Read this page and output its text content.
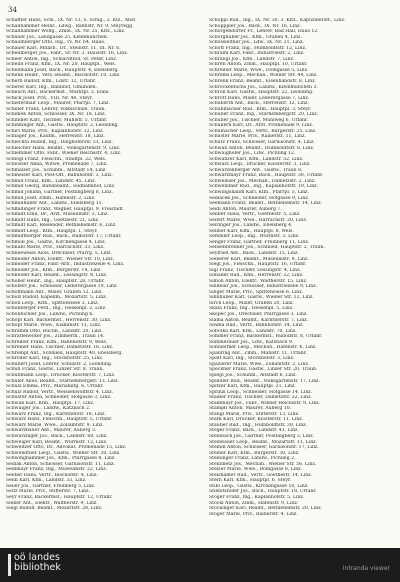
34
Schaffler Hans, Schl., IX. Nr. 13, S. Schlg., 2. Ktz., Anst.
Schallhammer Heinr., Ldwg., Bahnstr. Nr. 9, Steyregg.
Schallhammer Wolfg., Zmm., IX. Nr. 25, Kltz., Linz.
Schauer Jos., Landgasse 25, Kleinmünchen.
Schaumberger Otto, Ing., IV. Nr. 64, Haus.
Schauer Karl, Mitarb., Dr., Steinstr. 11, III. Nr. 6.
Schedlberger Jos., Fabr., Sr.-Nr. 3, Haussfr. 16, Linz.
Scheer Anton, Ing., Schlachthof, St. Peter, Linz.
Scheibl Franz, Kfm., IX. Nr. 20, Hauptpl., Wels.
Schellmann Josef, Bäck., Hauptstr. 4, Ebelsberg.
Schenk Heinr., Vers.-Beamt., Bischofstr. 10, Linz.
Scherb Rudolf, Kfm., Ldstr. 12, Urfahr.
Scherer Karl, Ing., Bahnhof, Gmunden.
Scheuch Ant., Bäckermst., Marktpl. 3, Enns.
Schick Josef, Priv., VIII. Nr. 40, Steyr.
Schiefermair Leop., Maurer, Pfarrpl. 7, Linz.
Schiller Franz, Lehrer, Volksschule, Traun.
Schimek Anton, Schlosser, IX. Nr. 18, Linz.
Schindler Karl, Tischler, Mühlstr. 5, Urfahr.
Schinkinger Ant., Gastw., Hauptstr. 2, Leonding.
Schirl Marie, Priv., Kaplanhofstr. 12, Linz.
Schlager Jos., Kaufm., Herrenstr. 18, Linz.
Schlechta Rudolf, Ing., Dinghoferstr. 31, Linz.
Schleicher Hans, Beamt., Volksgartenstr. 9, Linz.
Schlemmer Otto, Fabr., Wiener Reichsstr. 4, Linz.
Schlögl Franz, Fleischh., Stadtpl. 22, Wels.
Schlosser Anna, Witwe, Promenade 7, Linz.
Schmalzer Jos., Schuhm., Altstadt 14, Linz.
Schmeiser Karl, Post-Off., Bahnhofstr. 3, Linz.
Schmid Franz, Kfm., Landstr. 45, Linz.
Schmid Georg, Bahnbeamt., Südbahnhof, Linz.
Schmid Johann, Gärtner, Pöstlingberg 8, Linz.
Schmid Josef, Zmm., Hafenstr. 2, Linz.
Schmidhuber Ant., Landw., Ebelsberg 11.
Schmidinger Franz, Wagner, Hauptpl. 9, Freistadt.
Schmidt Emil, Dr., Arzt, Museumstr. 3, Linz.
Schmidt Hans, Ing., Goethestr. 21, Linz.
Schmidt Karl, Reisender, Bethlehemstr. 6, Linz.
Schmidt Leop., Kfm., Hauptpl. 1, Steyr.
Schmidtberger Rud., Bäck., Rudolfstr. 17, Urfahr.
Schmoll Jos., Gastw., Kirchengasse 4, Linz.
Schnabl Marie, Priv., Harrachstr. 33, Linz.
Schneeweiss Alois, Drechsler, Pfarrg. 5, Linz.
Schneider Anton, Elektr., Wiener Str. 10, Linz.
Schneider Franz, Fabr.-Arb., Industriezeile 4, Linz.
Schneider Jos., Kfm., Bürgerstr. 14, Linz.
Schneider Karl, Beamt., Lessingstr. 8, Linz.
Schober Heinr., Ing., Hauptstr. 28, Urfahr.
Schöberl Jos., Schlosser, Lederergasse 19, Linz.
Schöffmann Ant., Maler, Graben 12, Linz.
Scholz Rudolf, Kapellm., Mozartstr. 5, Linz.
Schön Leop., Kfm., Spittelwiese 3, Linz.
Schönberger Ferd., Ing., Hessenpl. 2, Linz.
Schönbichler Jos., Landw., Pichling 6.
Schopf Karl, Bäckermst., Herrenstr. 30, Linz.
Schöpf Marie, Wwe., Klammstr. 11, Linz.
Schramm Otto, Buchh., Landstr. 20, Linz.
Schrattenecker Jos., Zimmerm., Traun 14.
Schreiber Franz, Kfm., Bahnhofstr. 9, Wels.
Schreiner Hans, Tischler, Dametzstr. 16, Linz.
Schrempf Ant., Schmied, Hauptstr. 40, Ebelsberg.
Schröder Karl, Ing., Stockhofstr. 25, Linz.
Schubert Josef, Lehrer, Schulstr. 2, Leonding.
Schuh Franz, Gastw., Linzer Str. 8, Traun.
Schuhmann Leop., Drucker, Klosterstr. 7, Linz.
Schuler Alois, Beamt., Starhembergstr. 13, Linz.
Schulz Emma, Priv., Mariahilfg. 6, Urfahr.
Schulz Rudolf, Vertr., Weissenwolffstr. 4, Linz.
Schuster Anton, Schneider, Hofgasse 3, Linz.
Schwab Karl, Kfm., Hauptpl. 17, Linz.
Schwaiger Jos., Landw., Katzbach 2.
Schwarz Franz, Ing., Kärntnerstr. 18, Linz.
Schwarz Hans, Fleischh., Hauptstr. 5, Urfahr.
Schwarz Marie, Wwe., Zollamtstr. 9, Linz.
Schwarzbauer Ant., Maurer, Auberg 3.
Schwarzinger Jos., Bäck., Landstr. 60, Linz.
Schweiger Karl, Beamt., Wurmstr. 12, Linz.
Schweitzer Otto, Dr., Advokat, Promenade 15, Linz.
Schwendtner Leop., Gastw., Wiener Str. 30, Linz.
Schwinghammer Jos., Kfm., Pfarrgasse 8, Linz.
Sedlak Anton, Schlosser, Garnisonstr. 11, Linz.
Sedlmayr Franz, Ing., Museumstr. 22, Linz.
Seeber Hans, Vertr., Bischofstr. 4, Linz.
Seidl Karl, Kfm., Landstr. 33, Linz.
Seiler Jos., Gärtner, Freinberg 5, Linz.
Seitz Marie, Priv., Stifterstr. 7, Linz.
Seyr Franz, Bäckermst., Hauptstr. 12, Urfahr.
Sieber Ant., Elektr., Waltherstr. 9, Linz.
Siegl Rudolf, Beamt., Mozartstr. 28, Linz.
Schöppl Rud., Ing., IX. Nr. 30, 3. Kltz., Kapuzinerstr., Linz.
Schöpppler Jos., Bäck., IX. Nr. 16, Linz.
Schörgendorfer Fr., Lehrer, Bad Hall, Haus 12.
Schörghuber Jos., Kfm., Graben 4, Linz.
Schossleitner Jos., Ldw., IX. Nr. 21, Linz.
Schott Franz, Ing., Humboldtstr. 12, Linz.
Schraml Karl, Fabr., Industriestr. 2, Linz.
Schrangl Jos., Kfm., Landstr. 7, Linz.
Schrefl Anton, Zmm., Hauptpl. 10, Urfahr.
Schreiner Marie, Wwe., Domgasse 5, Linz.
Schrems Leop., Mechan., Wiener Str. 44, Linz.
Schrenk Franz, Beamt., Eisenhandstr. 8, Linz.
Schröckenfuchs Jos., Landw., Kleinmünchen 3.
Schroll Karl, Gastw., Hauptstr. 22, Leonding.
Schrott Hans, Maler, Lederergasse 7, Linz.
Schuberth Ant., Bäck., Herrenstr. 12, Linz.
Schuhmacher Rud., Kfm., Hauptpl. 3, Steyr.
Schuller Franz, Ing., Starhembergstr. 20, Linz.
Schuller Jos., Tischler, Mühlweg 6, Urfahr.
Schullern Karl, Dr., Arzt, Promenade 9, Linz.
Schumacher Leop., Vertr., Bürgerstr. 25, Linz.
Schuster Marie, Priv., Rainerstr. 11, Linz.
Schütz Franz, Schlosser, Garnisonstr. 4, Linz.
Schwab Anton, Beamt., Humboldtstr. 6, Linz.
Schwaighofer Jos., Ldw., Pichling 12.
Schwanzer Karl, Kfm., Landstr. 52, Linz.
Schwarz Leop., Drucker, Klosterstr. 3, Linz.
Schwarzenberger Ant., Gastw., Traun 8.
Schwarzmayr Franz, Bäck., Hauptstr. 30, Urfahr.
Schweinzer Jos., Mechan., Dametzstr. 2, Linz.
Schwendner Rud., Ing., Kaplanhofstr. 19, Linz.
Schwingshandl Karl, Kfm., Pfarrpl. 5, Linz.
Sedlacek Jos., Schneider, Hofgasse 9, Linz.
Seemann Franz, Beamt., Bethlehemstr. 14, Linz.
Seidl Anton, Maurer, Auberg 7.
Seidler Hans, Vertr., Goethestr. 5, Linz.
Seifert Marie, Wwe., Harrachstr. 20, Linz.
Seiringer Jos., Landw., Ebelsberg 4.
Sellner Karl, Kfm., Hauptpl. 8, Wels.
Semmler Leop., Ing., Wurmstr. 3, Linz.
Senger Franz, Gärtner, Freinberg 11, Linz.
Sensenbrenner Jos., Schmied, Hauptstr. 2, Traun.
Seyfried Ant., Bäck., Landstr. 15, Linz.
Sieberer Karl, Beamt., Museumstr. 9, Linz.
Siegl Jos., Fleischh., Hauptstr. 16, Urfahr.
Sigl Franz, Tischler, Lessingstr. 4, Linz.
Simader Rud., Kfm., Herrenstr. 22, Linz.
Simon Anton, Elektr., Waltherstr. 15, Linz.
Sindelar Jos., Schlosser, Industriezeile 9, Linz.
Singer Marie, Priv., Spittelwiese 6, Linz.
Sinnhuber Karl, Gastw., Wiener Str. 12, Linz.
Sirch Leop., Maler, Graben 20, Linz.
Skala Franz, Ing., Hessenpl. 5, Linz.
Skopec Jos., Drechsler, Pfarrgasse 3, Linz.
Slama Anton, Beamt., Kärntnerstr. 7, Linz.
Sliwka Rud., Vertr., Bahnhofstr. 14, Linz.
Sobotka Karl, Kfm., Landstr. 70, Linz.
Sommer Franz, Bäckermst., Rudolfstr. 8, Urfahr.
Sommerauer Jos., Ldw., Katzbach 9.
Sonnleitner Leop., Mechan., Hafenstr. 6, Linz.
Spanring Ant., Zmm., Mühlstr. 11, Urfahr.
Spatt Karl, Ing., Stockhofstr. 3, Linz.
Spazierer Marie, Wwe., Zollamtstr. 2, Linz.
Speckner Franz, Gastw., Linzer Str. 20, Traun.
Spiegl Jos., Schuhm., Altstadt 6, Linz.
Spindler Rud., Beamt., Volksgartenstr. 17, Linz.
Spitzer Karl, Kfm., Hauptpl. 21, Linz.
Sprinzl Leop., Schneider, Hofgasse 14, Linz.
Stadler Franz, Tischler, Dametzstr. 22, Linz.
Stadlmayr Jos., Fabr., Wiener Reichsstr. 9, Linz.
Stampfl Anton, Maurer, Auberg 10.
Stangl Marie, Priv., Stifterstr. 13, Linz.
Stark Karl, Drucker, Klosterstr. 11, Linz.
Stauber Rud., Ing., Humboldtstr. 30, Linz.
Steger Franz, Bäck., Landstr. 41, Linz.
Steinbach Jos., Gärtner, Pöstlingberg 3, Linz.
Steinbauer Leop., Beamt., Mozartstr. 11, Linz.
Steindl Anton, Schlosser, Garnisonstr. 17, Linz.
Steiner Karl, Kfm., Bürgerstr. 30, Linz.
Steininger Franz, Landw., Pichling 2.
Steinmetz Jos., Mechan., Wiener Str. 56, Linz.
Stelzer Marie, Wwe., Domgasse 8, Linz.
Stelzhamer Rud., Vertr., Goethestr. 14, Linz.
Stern Karl, Kfm., Hauptpl. 6, Steyr.
Stibl Leop., Gastw., Kirchengasse 10, Linz.
Stiebitzhofer Jos., Bäck., Hauptstr. 18, Urfahr.
Stöger Franz, Ing., Kaplanhofstr. 5, Linz.
Stöckl Anton, Zmm., Hafenstr. 9, Linz.
Stockinger Karl, Beamt., Bethlehemstr. 20, Linz.
Stöger Marie, Priv., Rainerstr. 4, Linz.
oö landes
bibliothek	Intranda viewer
